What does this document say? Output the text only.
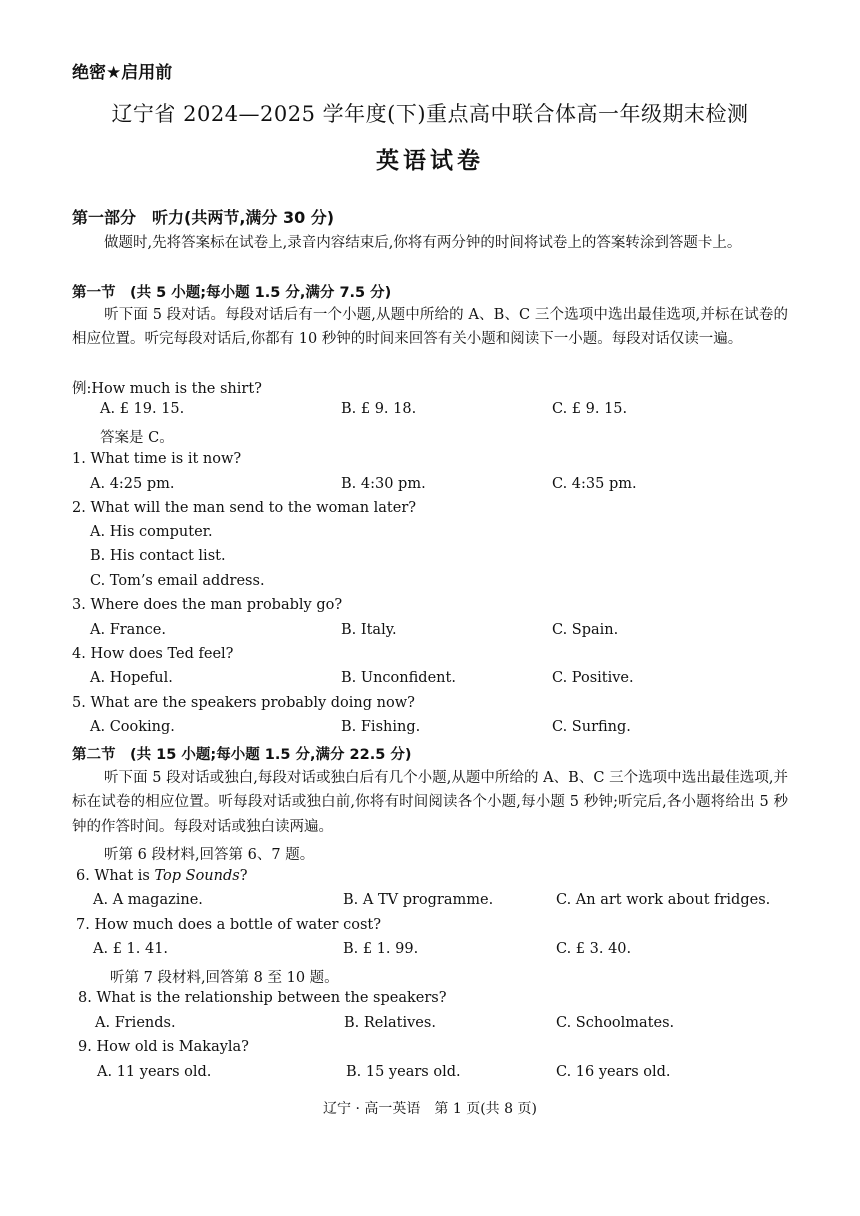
绝密★启用前
辽宁省 2024—2025 学年度(下)重点高中联合体高一年级期末检测
英语试卷
第一部分　听力(共两节,满分 30 分)
做题时,先将答案标在试卷上,录音内容结束后,你将有两分钟的时间将试卷上的答案转涂到答题卡上。
第一节　(共 5 小题;每小题 1.5 分,满分 7.5 分)
听下面 5 段对话。每段对话后有一个小题,从题中所给的 A、B、C 三个选项中选出最佳选项,并标在试卷的相应位置。听完每段对话后,你都有 10 秒钟的时间来回答有关小题和阅读下一小题。每段对话仅读一遍。
例:How much is the shirt?
A. £ 19. 15.	B. £ 9. 18.	C. £ 9. 15.
答案是 C。
1. What time is it now?
A. 4:25 pm.	B. 4:30 pm.	C. 4:35 pm.
2. What will the man send to the woman later?
A. His computer.
B. His contact list.
C. Tom’s email address.
3. Where does the man probably go?
A. France.	B. Italy.	C. Spain.
4. How does Ted feel?
A. Hopeful.	B. Unconfident.	C. Positive.
5. What are the speakers probably doing now?
A. Cooking.	B. Fishing.	C. Surfing.
第二节　(共 15 小题;每小题 1.5 分,满分 22.5 分)
听下面 5 段对话或独白,每段对话或独白后有几个小题,从题中所给的 A、B、C 三个选项中选出最佳选项,并标在试卷的相应位置。听每段对话或独白前,你将有时间阅读各个小题,每小题 5 秒钟;听完后,各小题将给出 5 秒钟的作答时间。每段对话或独白读两遍。
听第 6 段材料,回答第 6、7 题。
6. What is Top Sounds?
A. A magazine.	B. A TV programme.	C. An art work about fridges.
7. How much does a bottle of water cost?
A. £ 1. 41.	B. £ 1. 99.	C. £ 3. 40.
听第 7 段材料,回答第 8 至 10 题。
8. What is the relationship between the speakers?
A. Friends.	B. Relatives.	C. Schoolmates.
9. How old is Makayla?
A. 11 years old.	B. 15 years old.	C. 16 years old.
辽宁 · 高一英语　第 1 页(共 8 页)
